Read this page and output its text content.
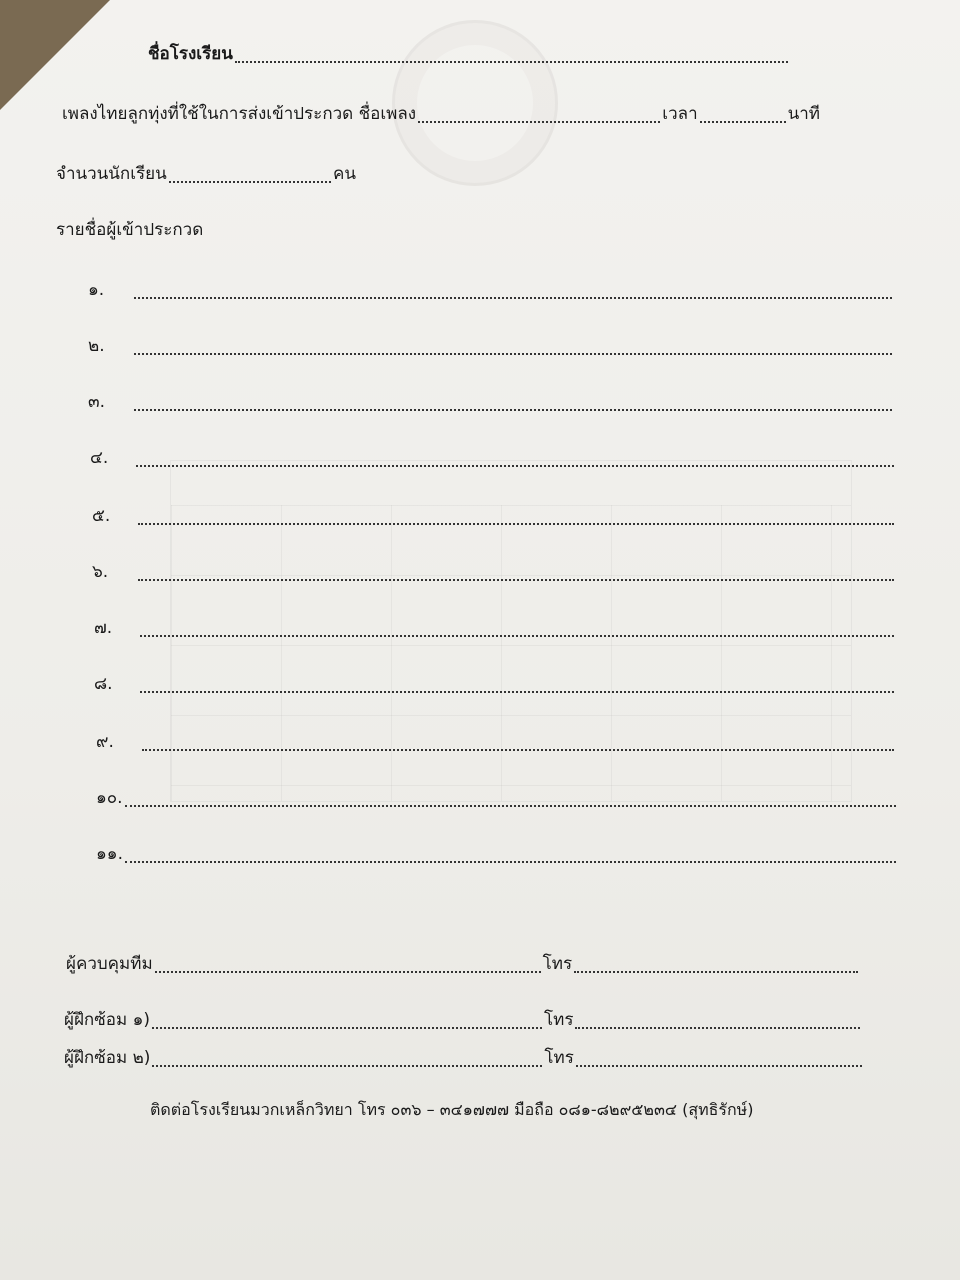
ชื่อโรงเรียน
เพลงไทยลูกทุ่งที่ใช้ในการส่งเข้าประกวด ชื่อเพลง	เวลา	นาที
จำนวนนักเรียน	คน
รายชื่อผู้เข้าประกวด
๑.
๒.
๓.
๔.
๕.
๖.
๗.
๘.
๙.
๑๐.
๑๑.
ผู้ควบคุมทีม	โทร
ผู้ฝึกซ้อม ๑)	โทร
ผู้ฝึกซ้อม ๒)	โทร
ติดต่อโรงเรียนมวกเหล็กวิทยา โทร ๐๓๖ – ๓๔๑๗๗๗ มือถือ ๐๘๑-๘๒๙๕๒๓๔ (สุทธิรักษ์)
